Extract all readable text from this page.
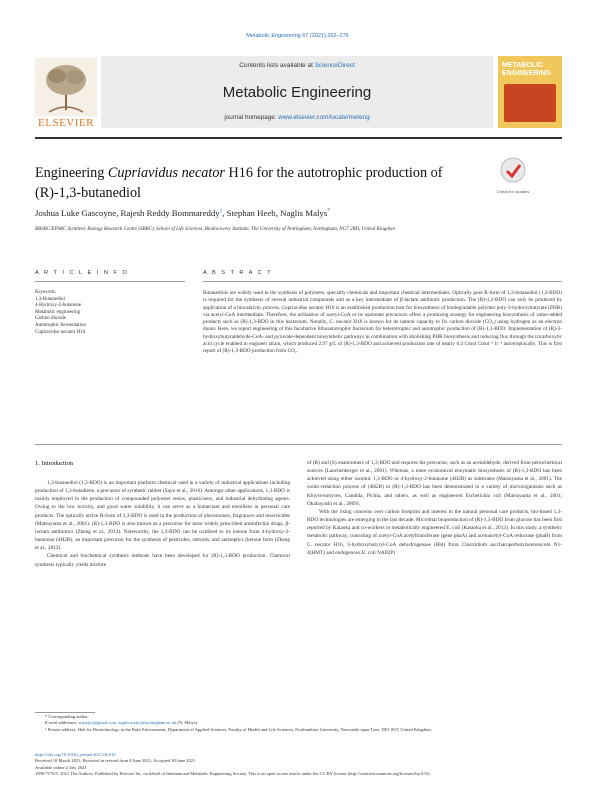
Metabolic Engineering 67 (2021) 262–276
ELSEVIER
Contents lists available at ScienceDirect
Metabolic Engineering
journal homepage: www.elsevier.com/locate/meteng
METABOLIC ENGINEERING
Engineering Cupriavidus necator H16 for the autotrophic production of
(R)-1,3-butanediol	Check for updates
Joshua Luke Gascoyne, Rajesh Reddy Bommareddy$^1$, Stephan Heeb, Naglis Malys*
BBSRC/EPSRC Synthetic Biology Research Centre (SBRC), School of Life Sciences, Biodiscovery Institute, The University of Nottingham, Nottingham, NG7 2RD, United Kingdom
A R T I C L E I N F O	A B S T R A C T
Keywords:
1,3-Butanediol
4-Hydroxy-2-butanone
Metabolic engineering
Carbon dioxide
Autotrophic fermentation
Cupriavidus necator H16
Butanediols are widely used in the synthesis of polymers, specialty chemicals and important chemical intermediates. Optically pure R-form of 1,3-butanediol (1,3-BDO) is required for the synthesis of several industrial compounds and as a key intermediate of β-lactam antibiotic production. The (R)-1,3-BDO can only be produced by application of a biocatalytic process. Cupriavidus necator H16 is an established production host for biosynthesis of biodegradable polymer poly-3-hydroxybutyrate (PHB) via acetyl-CoA intermediate. Therefore, the utilisation of acetyl-CoA or its upstream precursors offers a promising strategy for engineering biosynthesis of value-added products such as (R)-1,3-BDO in this bacterium. Notably, C. necator H16 is known for its natural capacity to fix carbon dioxide (CO₂) using hydrogen as an electron donor. Here, we report engineering of this facultative lithoautotrophic bacterium for heterotrophic and autotrophic production of (R)-1,3-BDO. Implementation of (R)-3-hydroxybutyraldehyde-CoA- and pyruvate-dependent biosynthetic pathways in combination with abolishing PHB biosynthesis and reducing flux through the tricarboxylic acid cycle enabled to engineer strain, which produced 2.97 g/L of (R)-1,3-BDO and achieved production rate of nearly 0.4 Cmol Cmol⁻¹ h⁻¹ autotrophically. This is first report of (R)-1,3-BDO production from CO₂.
1. Introduction

1,3-butanediol (1,3-BDO) is an important platform chemical used in a variety of industrial applications including production of 1,3-butadiene, a precursor of synthetic rubber (Sayo et al., 2016). Amongst other applications, 1,3-BDO is mainly employed in the production of compounded polyester resins, plasticisers, and industrial dehydrating agents. Owing to the low toxicity, and good water solubility, it can serve as a humectant and emollient in personal care products. The optically active R-form of 1,3-BDO is used in the production of pheromones, fragrances and insecticides (Matsuyama et al., 2001). (R)-1,3-BDO is also known as a precursor for most widely prescribed antiinfectial drugs, β-lactam antibiotics (Zheng et al., 2012). Noteworthy, the 1,3-BDO can be oxidised to its ketone form 4-hydroxy-2-butanone (4H2B), an important precursor for the synthesis of pesticides, steroids, and antiseptics (ketone form (Zheng et al., 2012).

Chemical and biochemical synthesis methods have been developed for (R)-1,3-BDO production. Chemical synthesis typically yields mixture

of (R) and (S) enantiomers of 1,3-BDO and requires the precursor, such as an acetaldehyde, derived from petrochemical sources (Lauchenberger et al., 2001). Whereas, a more economical enzymatic biosynthesis of (R)-1,3-BDO has been achieved using either racemic 1,3-BDO or 4-hydroxy-2-butanone (4H2B) as substrates (Matsuyama et al., 2001). The oxido-reduction process of (4H2B) to (R)-1,3-BDO has been demonstrated in a variety of microorganisms such as Kluyveromyces, Candida, Pichia, and others, as well as engineered Escherichia coli (Matsuyama et al., 2001; Okabayashi et al., 2009).

With the rising concerns over carbon footprint and interest in the natural personal care products, bio-based 1,3-BDO technologies are emerging in the last decade. Microbial bioproduction of (R)-1,3-BDO from glucose has been first reported by Kataoka and co-workers in metabolically engineered E. coli (Kataoka et al., 2013). In this study, a synthetic metabolic pathway, consisting of acetyl-CoA acetyltransferase (gene phaA) and acetoacetyl-CoA reductase (phaB) from C. necator H16, 3-hydroxybutyryl-CoA dehydrogenase (Bld) from Clostridium saccharoperbutylacetonicum N1-4(HMT) and endogenous E. coli NAD(P)

* Corresponding author.
E-mail addresses: n.malys@gmail.com, naglis.malys@nottingham.ac.uk (N. Malys).
¹ Present address: Hub for Biotechnology in the Built Environment, Department of Applied Sciences, Faculty of Health and Life Sciences, Northumbria University, Newcastle upon Tyne, NE1 8ST, United Kingdom.
https://doi.org/10.1016/j.ymben.2021.06.010
Received 18 March 2021; Received in revised form 8 June 2021; Accepted 30 June 2021
Available online 2 July 2021
1096-7176/© 2021 The Authors. Published by Elsevier Inc. on behalf of International Metabolic Engineering Society. This is an open access article under the CC BY license (http://creativecommons.org/licenses/by/4.0/).
